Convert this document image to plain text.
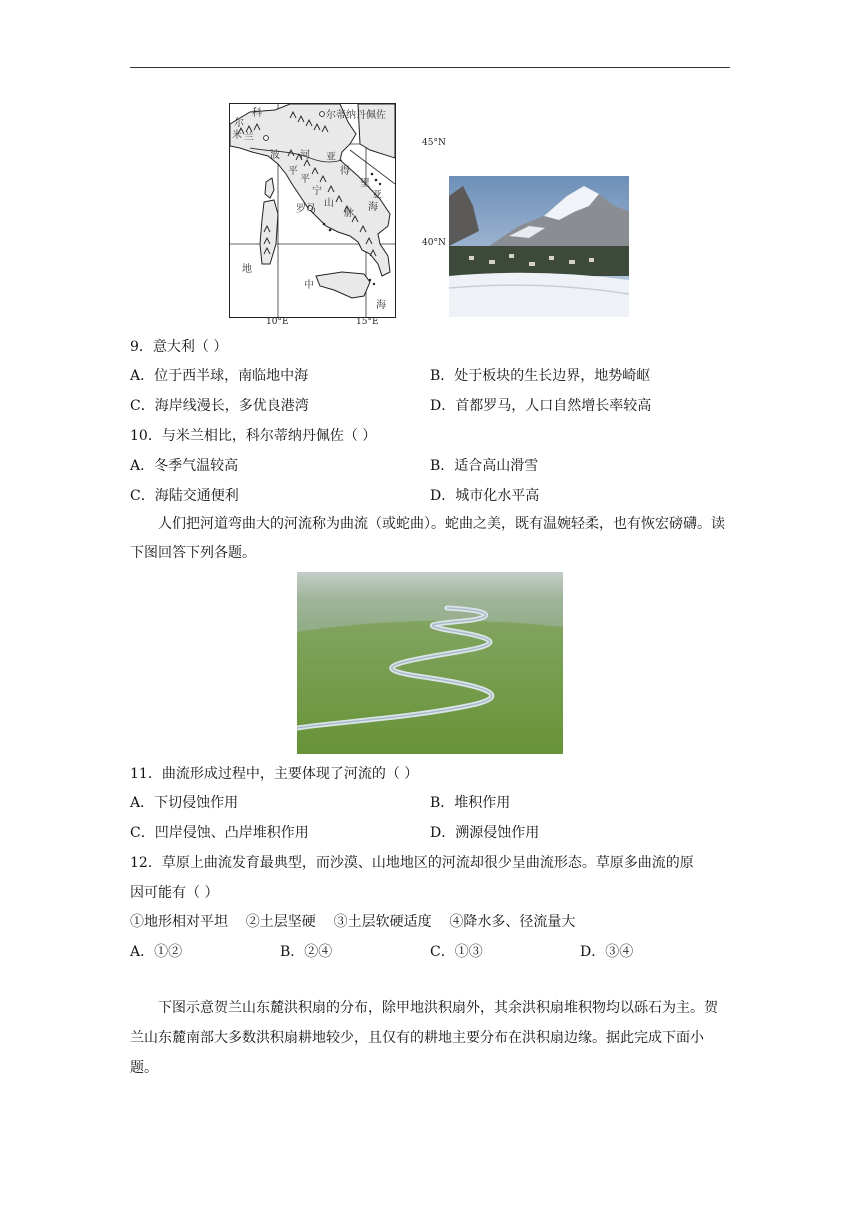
科
尔
米 兰
尔蒂纳丹佩佐
波 河 亚
得
里
亚
平
平
宁
山
罗马	脉
海
地
中
海
45°N
40°N
10°E	15°E
9．意大利（ ）
A．位于西半球，南临地中海	B．处于板块的生长边界，地势崎岖
C．海岸线漫长，多优良港湾	D．首都罗马，人口自然增长率较高
10．与米兰相比，科尔蒂纳丹佩佐（ ）
A．冬季气温较高	B．适合高山滑雪
C．海陆交通便利	D．城市化水平高
人们把河道弯曲大的河流称为曲流（或蛇曲）。蛇曲之美，既有温婉轻柔，也有恢宏磅礴。读下图回答下列各题。
11．曲流形成过程中，主要体现了河流的（ ）
A．下切侵蚀作用	B．堆积作用
C．凹岸侵蚀、凸岸堆积作用	D．溯源侵蚀作用
12．草原上曲流发育最典型，而沙漠、山地地区的河流却很少呈曲流形态。草原多曲流的原
因可能有（ ）
①地形相对平坦    ②土层坚硬    ③土层软硬适度    ④降水多、径流量大
A．①②	B．②④	C．①③	D．③④
下图示意贺兰山东麓洪积扇的分布，除甲地洪积扇外，其余洪积扇堆积物均以砾石为主。贺兰山东麓南部大多数洪积扇耕地较少，且仅有的耕地主要分布在洪积扇边缘。据此完成下面小题。
